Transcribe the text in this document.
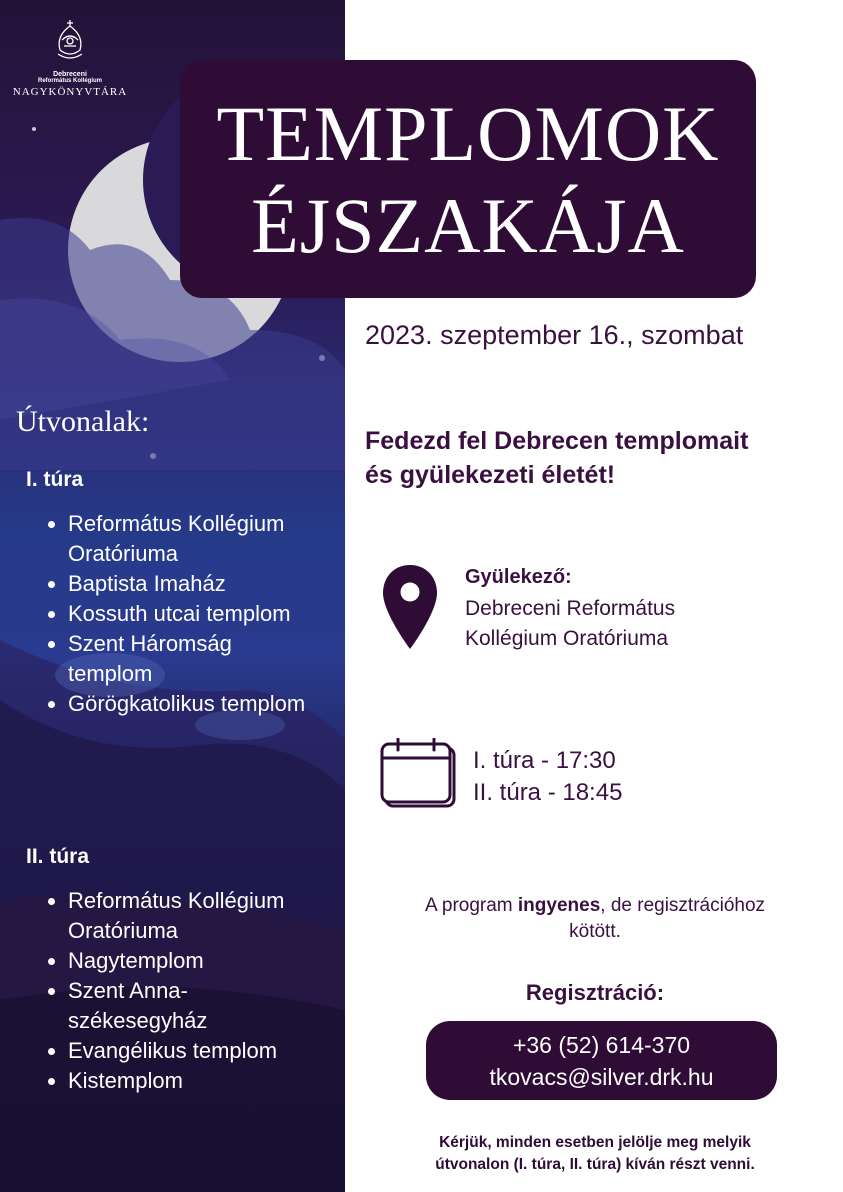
Debreceni
Református Kollégium
NAGYKÖNYVTÁRA
Útvonalak:
I. túra
• Református Kollégium Oratóriuma
• Baptista Imaház
• Kossuth utcai templom
• Szent Háromság templom
• Görögkatolikus templom
II. túra
• Református Kollégium Oratóriuma
• Nagytemplom
• Szent Anna-székesegyház
• Evangélikus templom
• Kistemplom
TEMPLOMOK
ÉJSZAKÁJA
2023. szeptember 16., szombat
Fedezd fel Debrecen templomait
és gyülekezeti életét!
Gyülekező:
Debreceni Református
Kollégium Oratóriuma
I. túra - 17:30
II. túra - 18:45
A program ingyenes, de regisztrációhoz
kötött.
Regisztráció:
+36 (52) 614-370
tkovacs@silver.drk.hu
Kérjük, minden esetben jelölje meg melyik
útvonalon (I. túra, II. túra) kíván részt venni.
